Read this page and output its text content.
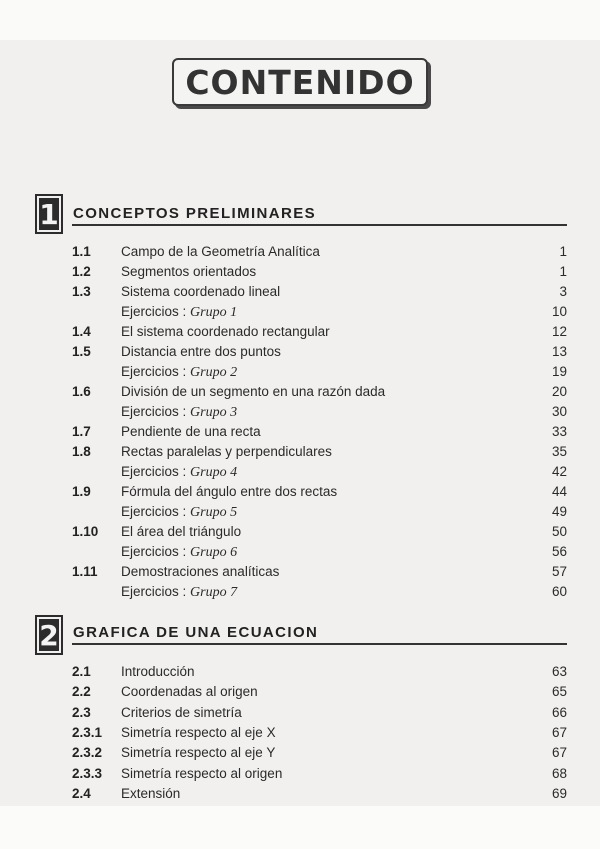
CONTENIDO
1 CONCEPTOS PRELIMINARES
1.1 Campo de la Geometría Analítica	1
1.2 Segmentos orientados	1
1.3 Sistema coordenado lineal	3
Ejercicios : Grupo 1	10
1.4 El sistema coordenado rectangular	12
1.5 Distancia entre dos puntos	13
Ejercicios : Grupo 2	19
1.6 División de un segmento en una razón dada	20
Ejercicios : Grupo 3	30
1.7 Pendiente de una recta	33
1.8 Rectas paralelas y perpendiculares	35
Ejercicios : Grupo 4	42
1.9 Fórmula del ángulo entre dos rectas	44
Ejercicios : Grupo 5	49
1.10 El área del triángulo	50
Ejercicios : Grupo 6	56
1.11 Demostraciones analíticas	57
Ejercicios : Grupo 7	60
2 GRAFICA DE UNA ECUACION
2.1 Introducción	63
2.2 Coordenadas al origen	65
2.3 Criterios de simetría	66
2.3.1 Simetría respecto al eje X	67
2.3.2 Simetría respecto al eje Y	67
2.3.3 Simetría respecto al origen	68
2.4 Extensión	69
